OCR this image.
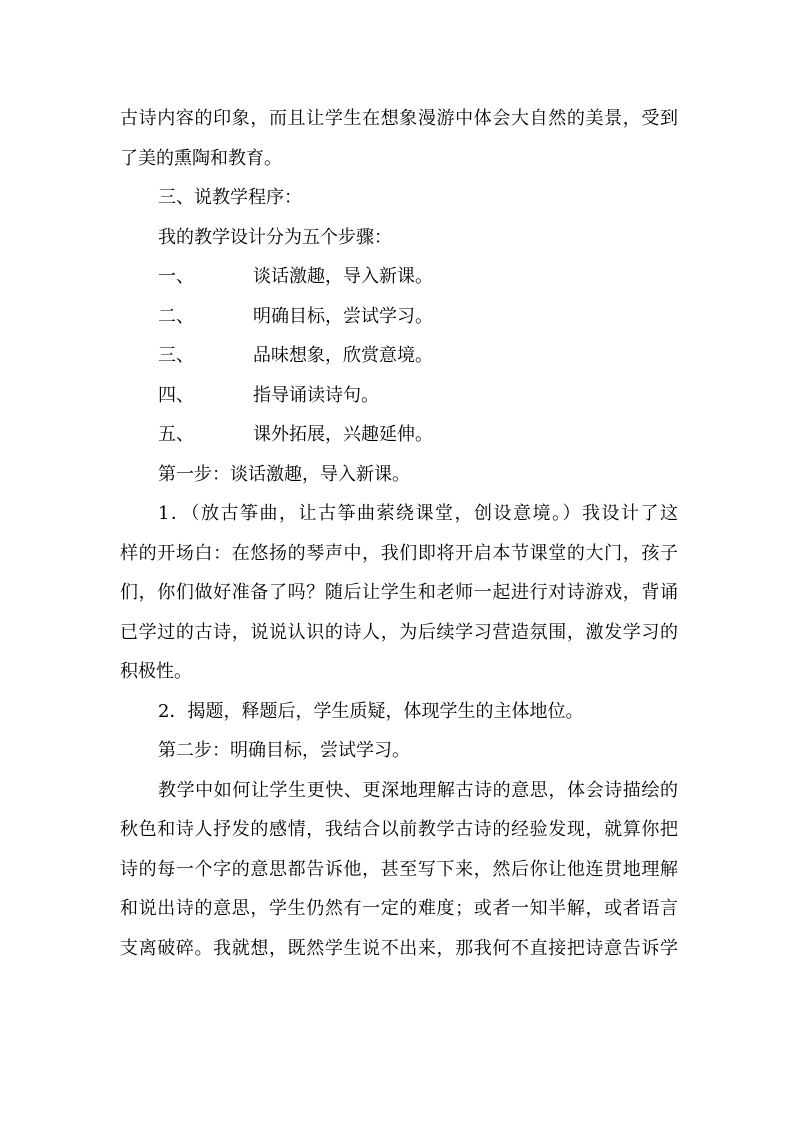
古诗内容的印象，而且让学生在想象漫游中体会大自然的美景，受到

了美的熏陶和教育。

三、说教学程序：

我的教学设计分为五个步骤：

一、	谈话激趣，导入新课。

二、	明确目标，尝试学习。

三、	品味想象，欣赏意境。

四、	指导诵读诗句。

五、	课外拓展，兴趣延伸。

第一步：谈话激趣，导入新课。

1．（放古筝曲，让古筝曲萦绕课堂，创设意境。）我设计了这

样的开场白：在悠扬的琴声中，我们即将开启本节课堂的大门，孩子

们，你们做好准备了吗？随后让学生和老师一起进行对诗游戏，背诵

已学过的古诗，说说认识的诗人，为后续学习营造氛围，激发学习的

积极性。

2．揭题，释题后，学生质疑，体现学生的主体地位。

第二步：明确目标，尝试学习。

教学中如何让学生更快、更深地理解古诗的意思，体会诗描绘的

秋色和诗人抒发的感情，我结合以前教学古诗的经验发现，就算你把

诗的每一个字的意思都告诉他，甚至写下来，然后你让他连贯地理解

和说出诗的意思，学生仍然有一定的难度；或者一知半解，或者语言

支离破碎。我就想，既然学生说不出来，那我何不直接把诗意告诉学
